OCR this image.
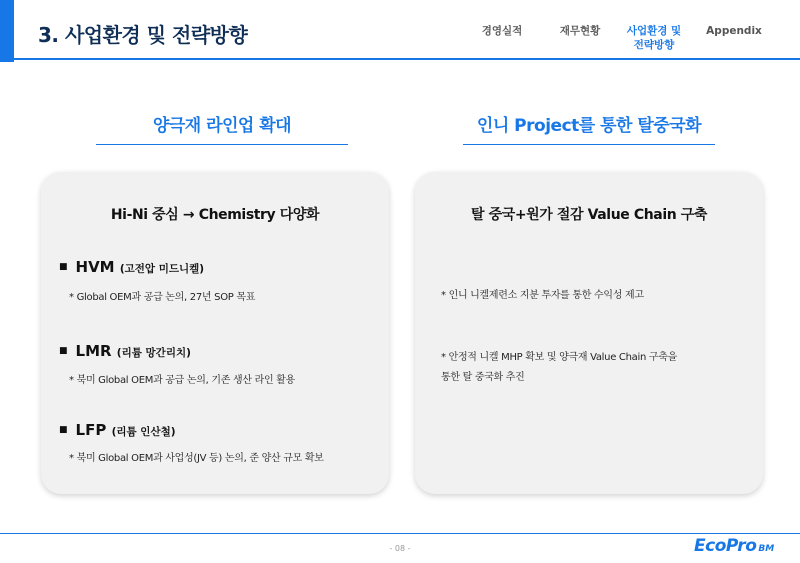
3. 사업환경 및 전략방향	경영실적	재무현황	사업환경 및
전략방향
Appendix
양극재 라인업 확대	인니 Project를 통한 탈중국화
Hi-Ni 중심 → Chemistry 다양화
■ HVM (고전압 미드니켈)
* Global OEM과 공급 논의, 27년 SOP 목표
■ LMR (리튬 망간리치)
* 북미 Global OEM과 공급 논의, 기존 생산 라인 활용
■ LFP (리튬 인산철)
* 북미 Global OEM과 사업성(JV 등) 논의, 준 양산 규모 확보
탈 중국+원가 절감 Value Chain 구축
* 인니 니켈제련소 지분 투자를 통한 수익성 제고
* 안정적 니켈 MHP 확보 및 양극재 Value Chain 구축을
통한 탈 중국화 추진
- 08 -	EcoPro BM
